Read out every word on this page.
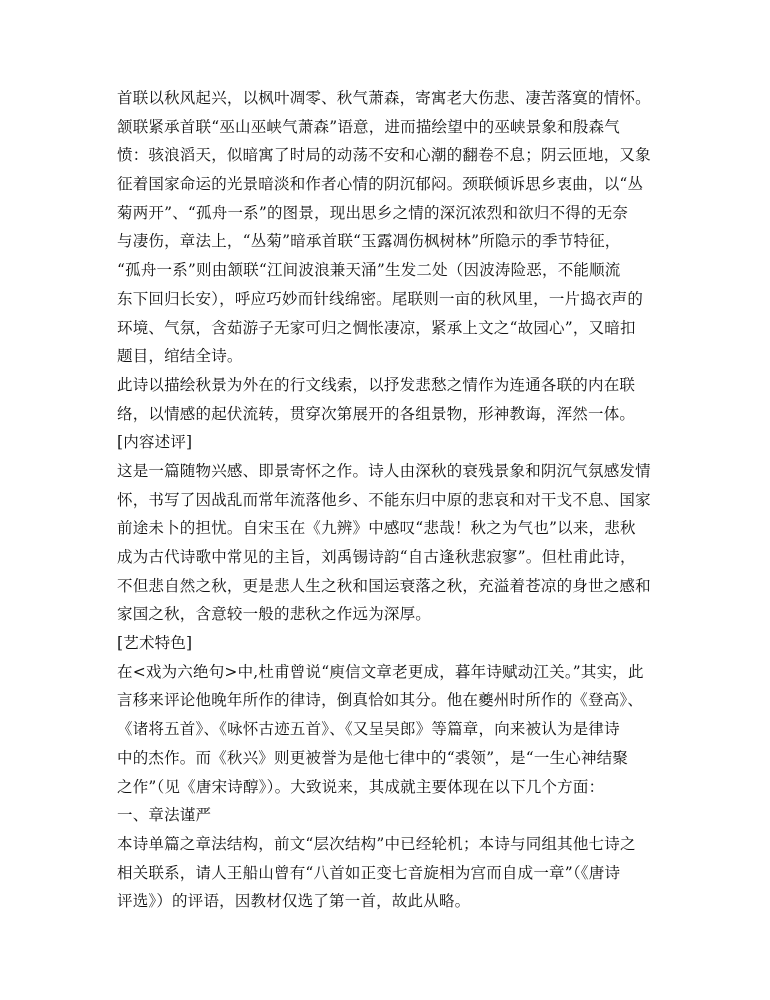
首联以秋风起兴，以枫叶凋零、秋气萧森，寄寓老大伤悲、凄苦落寞的情怀。
颔联紧承首联“巫山巫峡气萧森”语意，进而描绘望中的巫峡景象和殷森气
愤：骇浪滔天，似暗寓了时局的动荡不安和心潮的翻卷不息；阴云匝地，又象
征着国家命运的光景暗淡和作者心情的阴沉郁闷。颈联倾诉思乡衷曲，以“丛
菊两开”、“孤舟一系”的图景，现出思乡之情的深沉浓烈和欲归不得的无奈
与凄伤，章法上，“丛菊”暗承首联“玉露凋伤枫树林”所隐示的季节特征，
“孤舟一系”则由颔联“江间波浪兼天涌”生发二处（因波涛险恶，不能顺流
东下回归长安），呼应巧妙而针线绵密。尾联则一亩的秋风里，一片捣衣声的
环境、气氛，含茹游子无家可归之惆怅凄凉，紧承上文之“故园心”，又暗扣
题目，绾结全诗。
此诗以描绘秋景为外在的行文线索，以抒发悲愁之情作为连通各联的内在联
络，以情感的起伏流转，贯穿次第展开的各组景物，形神教诲，浑然一体。
[内容述评]
这是一篇随物兴感、即景寄怀之作。诗人由深秋的衰残景象和阴沉气氛感发情
怀，书写了因战乱而常年流落他乡、不能东归中原的悲哀和对干戈不息、国家
前途未卜的担忧。自宋玉在《九辨》中感叹“悲哉！秋之为气也”以来，悲秋
成为古代诗歌中常见的主旨，刘禹锡诗韵“自古逢秋悲寂寥”。但杜甫此诗，
不但悲自然之秋，更是悲人生之秋和国运衰落之秋，充溢着苍凉的身世之感和
家国之秋，含意较一般的悲秋之作远为深厚。
[艺术特色]
在<戏为六绝句>中,杜甫曾说“庾信文章老更成，暮年诗赋动江关。”其实，此
言移来评论他晚年所作的律诗，倒真恰如其分。他在夔州时所作的《登高》、
《诸将五首》、《咏怀古迹五首》、《又呈吴郎》等篇章，向来被认为是律诗
中的杰作。而《秋兴》则更被誉为是他七律中的“裘领”，是“一生心神结聚
之作”（见《唐宋诗醇》）。大致说来，其成就主要体现在以下几个方面：
一、章法谨严
本诗单篇之章法结构，前文“层次结构”中已经轮机；本诗与同组其他七诗之
相关联系，请人王船山曾有“八首如正变七音旋相为宫而自成一章”（《唐诗
评选》）的评语，因教材仅选了第一首，故此从略。
